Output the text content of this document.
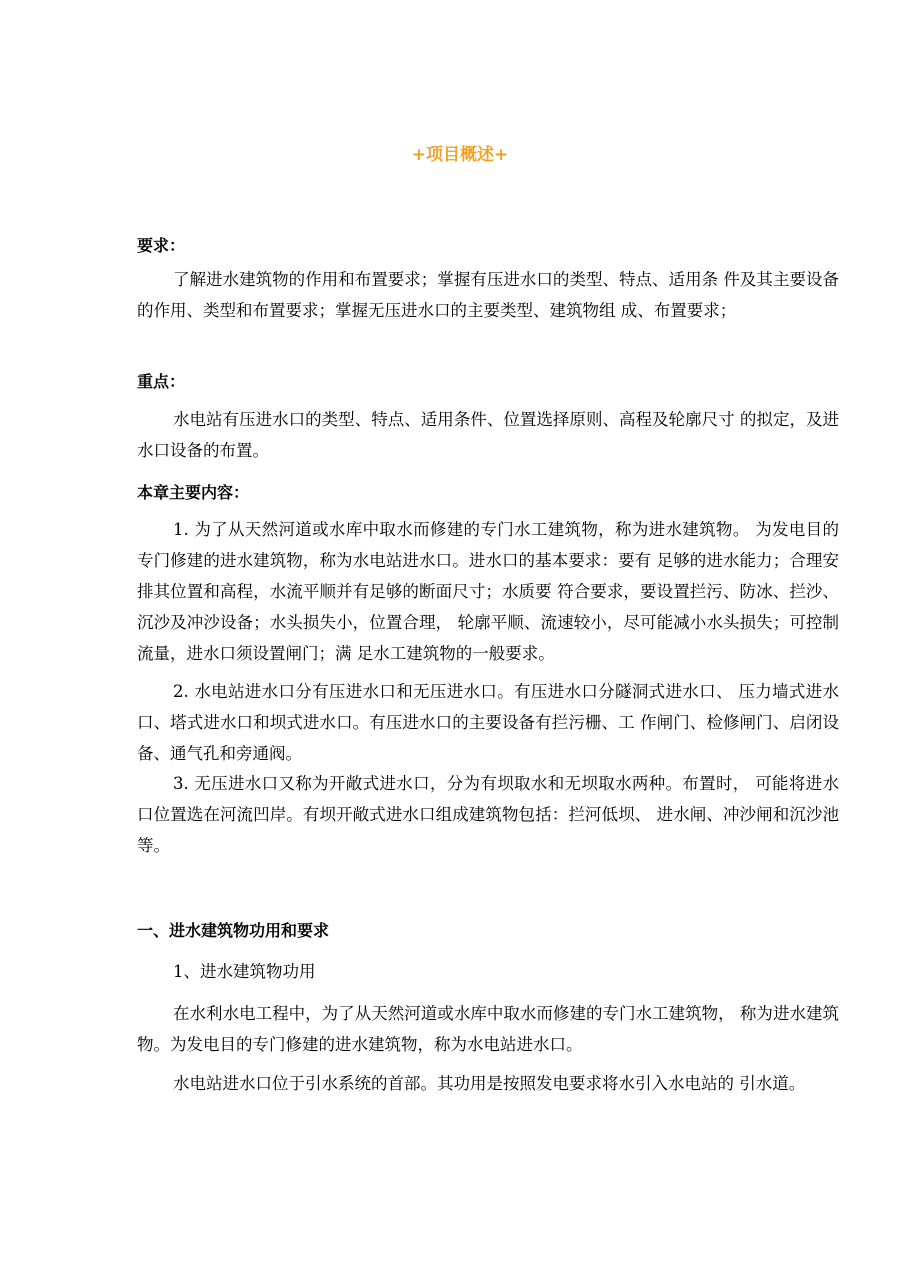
+项目概述+
要求：

了解进水建筑物的作用和布置要求；掌握有压进水口的类型、特点、适用条 件及其主要设备的作用、类型和布置要求；掌握无压进水口的主要类型、建筑物组 成、布置要求；

重点：

水电站有压进水口的类型、特点、适用条件、位置选择原则、高程及轮廓尺寸 的拟定，及进水口设备的布置。

本章主要内容：

1. 为了从天然河道或水库中取水而修建的专门水工建筑物，称为进水建筑物。 为发电目的专门修建的进水建筑物，称为水电站进水口。进水口的基本要求：要有 足够的进水能力；合理安排其位置和高程，水流平顺并有足够的断面尺寸；水质要 符合要求，要设置拦污、防冰、拦沙、沉沙及冲沙设备；水头损失小，位置合理， 轮廓平顺、流速较小，尽可能减小水头损失；可控制流量，进水口须设置闸门；满 足水工建筑物的一般要求。

2. 水电站进水口分有压进水口和无压进水口。有压进水口分隧洞式进水口、 压力墙式进水口、塔式进水口和坝式进水口。有压进水口的主要设备有拦污栅、工 作闸门、检修闸门、启闭设备、通气孔和旁通阀。

3. 无压进水口又称为开敞式进水口，分为有坝取水和无坝取水两种。布置时， 可能将进水口位置选在河流凹岸。有坝开敞式进水口组成建筑物包括：拦河低坝、 进水闸、冲沙闸和沉沙池等。

一、进水建筑物功用和要求
1、进水建筑物功用

在水利水电工程中，为了从天然河道或水库中取水而修建的专门水工建筑物， 称为进水建筑物。为发电目的专门修建的进水建筑物，称为水电站进水口。

水电站进水口位于引水系统的首部。其功用是按照发电要求将水引入水电站的 引水道。
